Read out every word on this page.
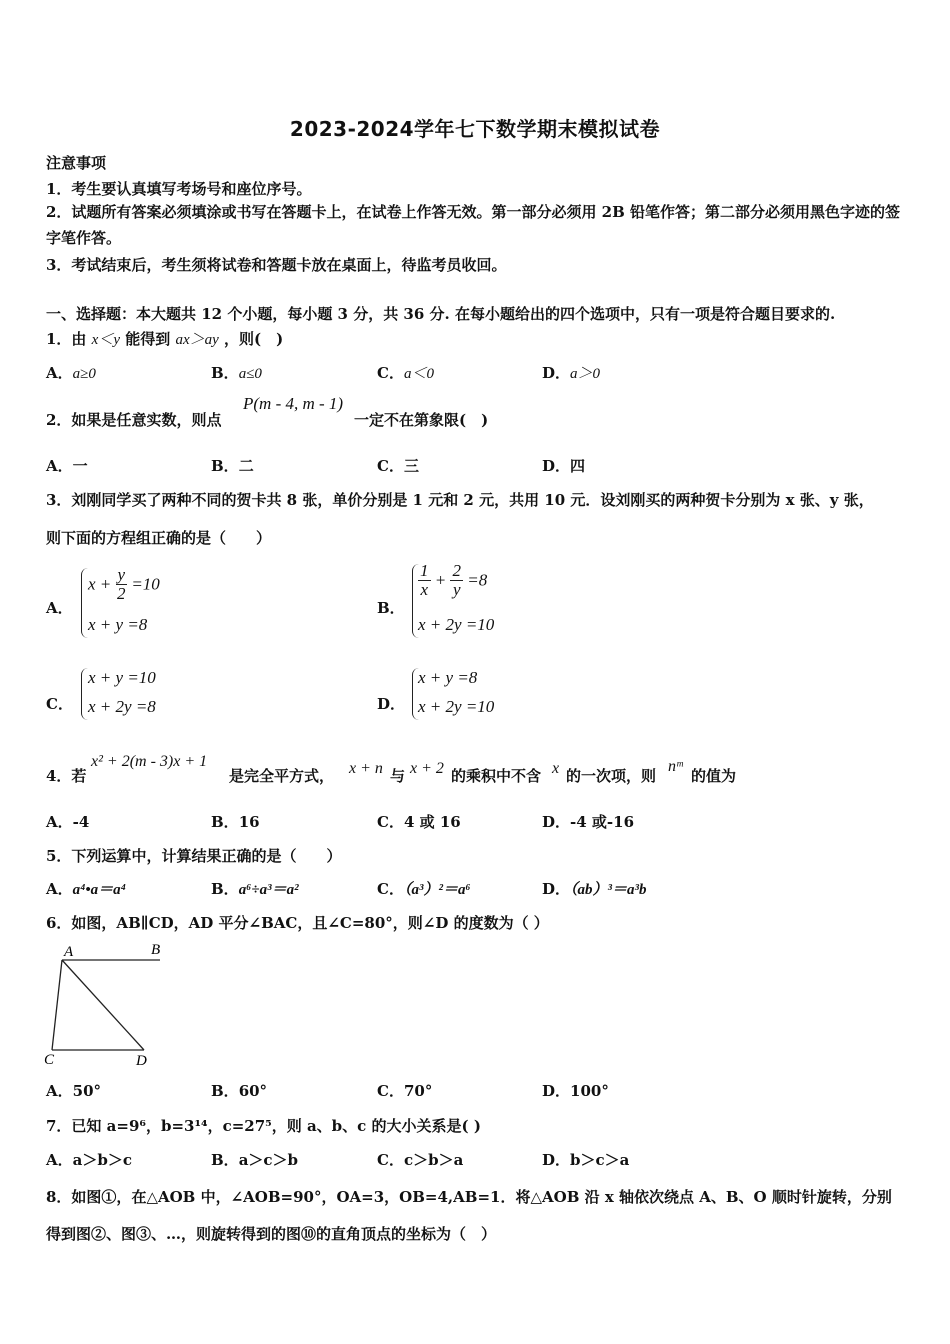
2023-2024学年七下数学期末模拟试卷
注意事项
1．考生要认真填写考场号和座位序号。
2．试题所有答案必须填涂或书写在答题卡上，在试卷上作答无效。第一部分必须用 2B 铅笔作答；第二部分必须用黑色字迹的签字笔作答。
3．考试结束后，考生须将试卷和答题卡放在桌面上，待监考员收回。
一、选择题：本大题共 12 个小题，每小题 3 分，共 36 分. 在每小题给出的四个选项中，只有一项是符合题目要求的.
1．由 x＜y 能得到 ax＞ay ，则(　)
A．a≥0	B．a≤0	C．a＜0	D．a＞0
2．如果是任意实数，则点
P(m - 4, m - 1)
一定不在第象限(　)
A．一	B．二	C．三	D．四
3．刘刚同学买了两种不同的贺卡共 8 张，单价分别是 1 元和 2 元，共用 10 元．设刘刚买的两种贺卡分别为 x 张、y 张，
则下面的方程组正确的是（　　）
A．
$x + \frac{y}{2} =10$
x + y =8
B．
$\frac{1}{x} + \frac{2}{y} =8$
x + 2y =10
C．
x + y =10
x + 2y =8	D．
x + y =8
x + 2y =10
4．若
x² + 2(m - 3)x + 1
是完全平方式， x + n 与 x + 2 的乘积中不含 x 的一次项，则
nᵐ
的值为
A．-4	B．16	C．4 或 16	D．-4 或-16
5．下列运算中，计算结果正确的是（　　）
A．a⁴•a＝a⁴	B．a⁶÷a³＝a²	C．（a³）²＝a⁶	D．（ab）³＝a³b
6．如图，AB∥CD，AD 平分∠BAC，且∠C=80°，则∠D 的度数为（ ）
A	B
C	D
A．50°	B．60°	C．70°	D．100°
7．已知 a=9⁶，b=3¹⁴，c=27⁵，则 a、b、c 的大小关系是( )
A．a＞b＞c	B．a＞c＞b	C．c＞b＞a	D．b＞c＞a
8．如图①，在△AOB 中，∠AOB=90°，OA=3，OB=4,AB=1．将△AOB 沿 x 轴依次绕点 A、B、O 顺时针旋转，分别
得到图②、图③、…，则旋转得到的图⑩的直角顶点的坐标为（　）
